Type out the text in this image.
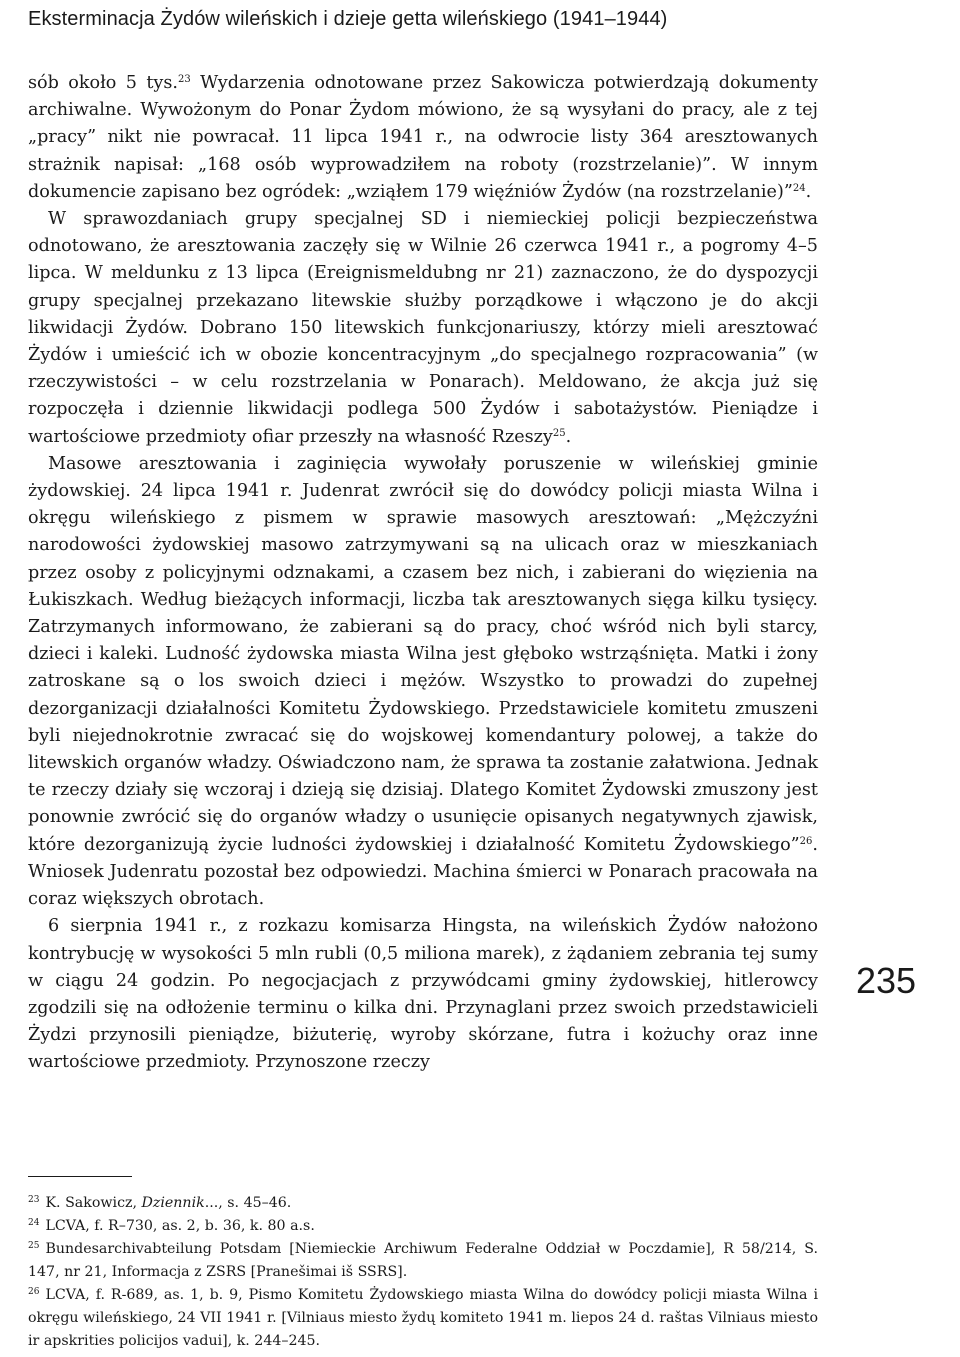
Eksterminacja Żydów wileńskich i dzieje getta wileńskiego (1941–1944)

sób około 5 tys.$^{23}$ Wydarzenia odnotowane przez Sakowicza potwierdzają dokumenty archiwalne. Wywożonym do Ponar Żydom mówiono, że są wysyłani do pracy, ale z tej „pracy” nikt nie powracał. 11 lipca 1941 r., na odwrocie listy 364 aresztowanych strażnik napisał: „168 osób wyprowadziłem na roboty (rozstrzelanie)”. W innym dokumencie zapisano bez ogródek: „wziąłem 179 więźniów Żydów (na rozstrzelanie)”$^{24}$.

W sprawozdaniach grupy specjalnej SD i niemieckiej policji bezpieczeństwa odnotowano, że aresztowania zaczęły się w Wilnie 26 czerwca 1941 r., a pogromy 4–5 lipca. W meldunku z 13 lipca (Ereignismeldubng nr 21) zaznaczono, że do dyspozycji grupy specjalnej przekazano litewskie służby porządkowe i włączono je do akcji likwidacji Żydów. Dobrano 150 litewskich funkcjonariuszy, którzy mieli aresztować Żydów i umieścić ich w obozie koncentracyjnym „do specjalnego rozpracowania” (w rzeczywistości – w celu rozstrzelania w Ponarach). Meldowano, że akcja już się rozpoczęła i dziennie likwidacji podlega 500 Żydów i sabotażystów. Pieniądze i wartościowe przedmioty ofiar przeszły na własność Rzeszy$^{25}$.

Masowe aresztowania i zaginięcia wywołały poruszenie w wileńskiej gminie żydowskiej. 24 lipca 1941 r. Judenrat zwrócił się do dowódcy policji miasta Wilna i okręgu wileńskiego z pismem w sprawie masowych aresztowań: „Mężczyźni narodowości żydowskiej masowo zatrzymywani są na ulicach oraz w mieszkaniach przez osoby z policyjnymi odznakami, a czasem bez nich, i zabierani do więzienia na Łukiszkach. Według bieżących informacji, liczba tak aresztowanych sięga kilku tysięcy. Zatrzymanych informowano, że zabierani są do pracy, choć wśród nich byli starcy, dzieci i kaleki. Ludność żydowska miasta Wilna jest głęboko wstrząśnięta. Matki i żony zatroskane są o los swoich dzieci i mężów. Wszystko to prowadzi do zupełnej dezorganizacji działalności Komitetu Żydowskiego. Przedstawiciele komitetu zmuszeni byli niejednokrotnie zwracać się do wojskowej komendantury polowej, a także do litewskich organów władzy. Oświadczono nam, że sprawa ta zostanie załatwiona. Jednak te rzeczy działy się wczoraj i dzieją się dzisiaj. Dlatego Komitet Żydowski zmuszony jest ponownie zwrócić się do organów władzy o usunięcie opisanych negatywnych zjawisk, które dezorganizują życie ludności żydowskiej i działalność Komitetu Żydowskiego”$^{26}$. Wniosek Judenratu pozostał bez odpowiedzi. Machina śmierci w Ponarach pracowała na coraz większych obrotach.

6 sierpnia 1941 r., z rozkazu komisarza Hingsta, na wileńskich Żydów nałożono kontrybucję w wysokości 5 mln rubli (0,5 miliona marek), z żądaniem zebrania tej sumy w ciągu 24 godzin. Po negocjacjach z przywódcami gminy żydowskiej, hitlerowcy zgodzili się na odłożenie terminu o kilka dni. Przynaglani przez swoich przedstawicieli Żydzi przynosili pieniądze, biżuterię, wyroby skórzane, futra i kożuchy oraz inne wartościowe przedmioty. Przynoszone rzeczy

235

$^{23}$ K. Sakowicz, Dziennik..., s. 45–46.

$^{24}$ LCVA, f. R–730, as. 2, b. 36, k. 80 a.s.

$^{25}$ Bundesarchivabteilung Potsdam [Niemieckie Archiwum Federalne Oddział w Poczdamie], R 58/214, S. 147, nr 21, Informacja z ZSRS [Pranešimai iš SSRS].

$^{26}$ LCVA, f. R-689, as. 1, b. 9, Pismo Komitetu Żydowskiego miasta Wilna do dowódcy policji miasta Wilna i okręgu wileńskiego, 24 VII 1941 r. [Vilniaus miesto žydų komiteto 1941 m. liepos 24 d. raštas Vilniaus miesto ir apskrities policijos vadui], k. 244–245.
